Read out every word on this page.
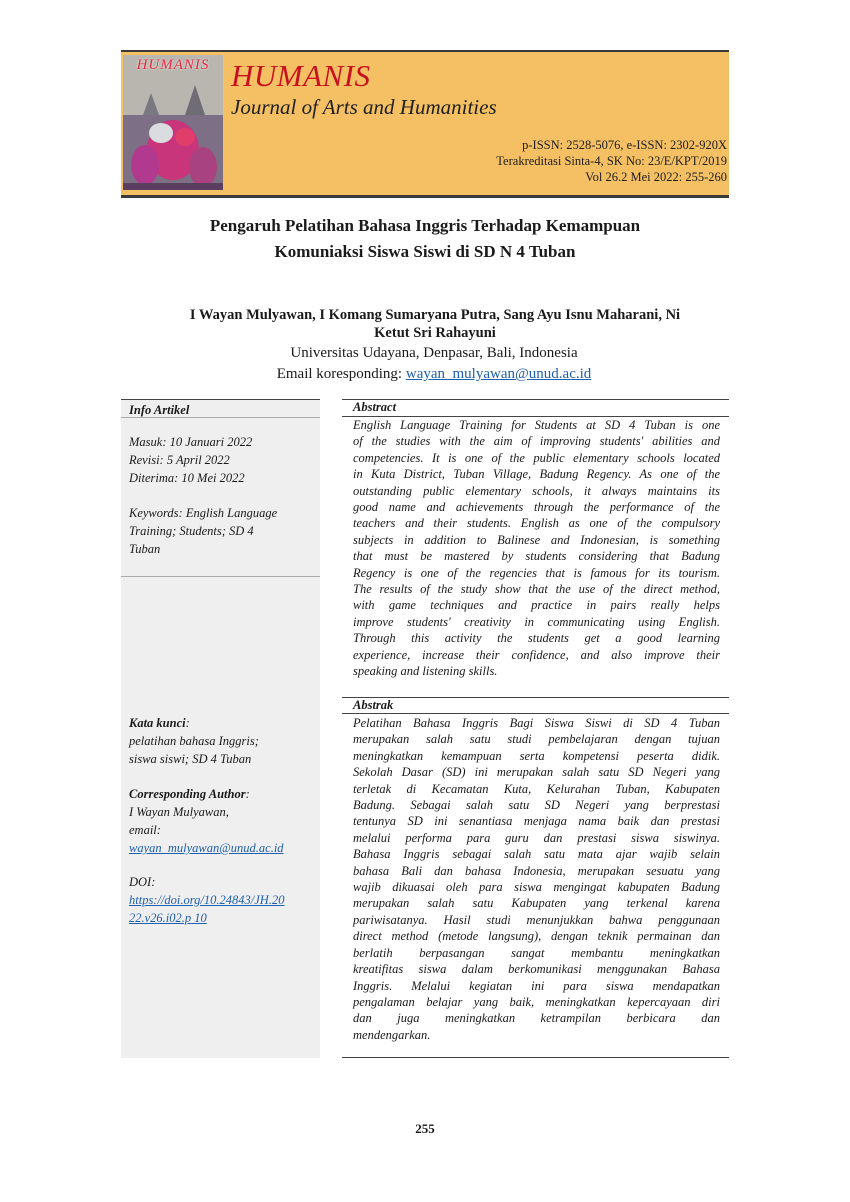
HUMANIS HUMANIS
Journal of Arts and Humanities
p-ISSN: 2528-5076, e-ISSN: 2302-920X
Terakreditasi Sinta-4, SK No: 23/E/KPT/2019
Vol 26.2 Mei 2022: 255-260
Pengaruh Pelatihan Bahasa Inggris Terhadap Kemampuan
Komuniaksi Siswa Siswi di SD N 4 Tuban
I Wayan Mulyawan, I Komang Sumaryana Putra, Sang Ayu Isnu Maharani, Ni
Ketut Sri Rahayuni
Universitas Udayana, Denpasar, Bali, Indonesia
Email koresponding: wayan_mulyawan@unud.ac.id
Info Artikel
Masuk: 10 Januari 2022
Revisi: 5 April 2022
Diterima: 10 Mei 2022
Keywords: English Language
Training; Students; SD 4
Tuban
Kata kunci:
pelatihan bahasa Inggris;
siswa siswi; SD 4 Tuban
Corresponding Author:
I Wayan Mulyawan,
email:
wayan_mulyawan@unud.ac.id
DOI:
https://doi.org/10.24843/JH.20
22.v26.i02.p 10
Abstract
English Language Training for Students at SD 4 Tuban is one
of the studies with the aim of improving students' abilities and
competencies. It is one of the public elementary schools located
in Kuta District, Tuban Village, Badung Regency. As one of the
outstanding public elementary schools, it always maintains its
good name and achievements through the performance of the
teachers and their students. English as one of the compulsory
subjects in addition to Balinese and Indonesian, is something
that must be mastered by students considering that Badung
Regency is one of the regencies that is famous for its tourism.
The results of the study show that the use of the direct method,
with game techniques and practice in pairs really helps
improve students' creativity in communicating using English.
Through this activity the students get a good learning
experience, increase their confidence, and also improve their
speaking and listening skills.
Abstrak
Pelatihan Bahasa Inggris Bagi Siswa Siswi di SD 4 Tuban
merupakan salah satu studi pembelajaran dengan tujuan
meningkatkan kemampuan serta kompetensi peserta didik.
Sekolah Dasar (SD) ini merupakan salah satu SD Negeri yang
terletak di Kecamatan Kuta, Kelurahan Tuban, Kabupaten
Badung. Sebagai salah satu SD Negeri yang berprestasi
tentunya SD ini senantiasa menjaga nama baik dan prestasi
melalui performa para guru dan prestasi siswa siswinya.
Bahasa Inggris sebagai salah satu mata ajar wajib selain
bahasa Bali dan bahasa Indonesia, merupakan sesuatu yang
wajib dikuasai oleh para siswa mengingat kabupaten Badung
merupakan salah satu Kabupaten yang terkenal karena
pariwisatanya. Hasil studi menunjukkan bahwa penggunaan
direct method (metode langsung), dengan teknik permainan dan
berlatih berpasangan sangat membantu meningkatkan
kreatifitas siswa dalam berkomunikasi menggunakan Bahasa
Inggris. Melalui kegiatan ini para siswa mendapatkan
pengalaman belajar yang baik, meningkatkan kepercayaan diri
dan juga meningkatkan ketrampilan berbicara dan
mendengarkan.
255
